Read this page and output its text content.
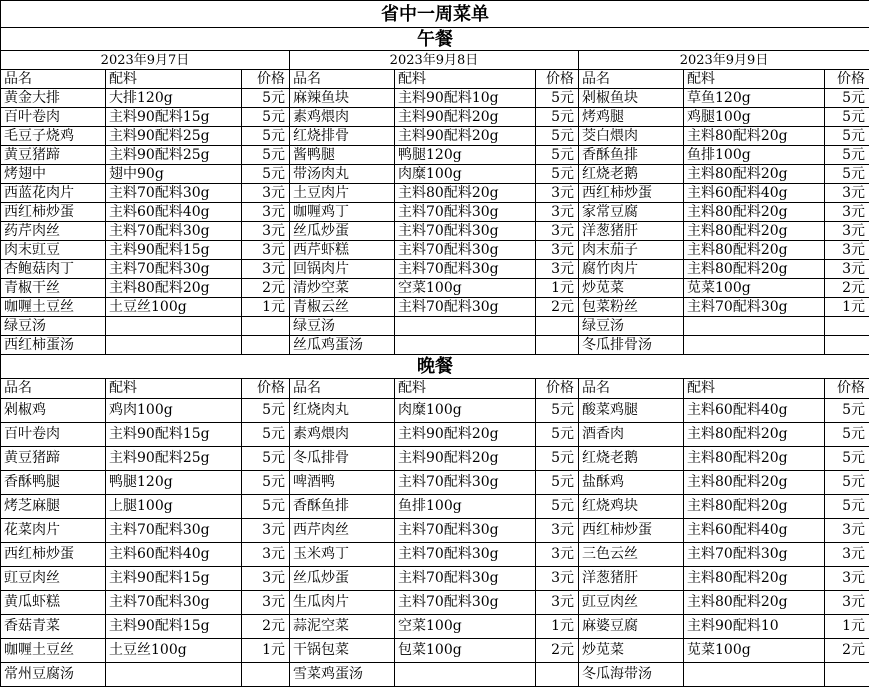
省中一周菜单								
午餐								
2023年9月7日			2023年9月8日			2023年9月9日		
品名	配料	价格	品名	配料	价格	品名	配料	价格
黄金大排	大排120g	5元	麻辣鱼块	主料90配料10g	5元	剁椒鱼块	草鱼120g	5元
百叶卷肉	主料90配料15g	5元	素鸡煨肉	主料90配料20g	5元	烤鸡腿	鸡腿100g	5元
毛豆子烧鸡	主料90配料25g	5元	红烧排骨	主料90配料20g	5元	茭白煨肉	主料80配料20g	5元
黄豆猪蹄	主料90配料25g	5元	酱鸭腿	鸭腿120g	5元	香酥鱼排	鱼排100g	5元
烤翅中	翅中90g	5元	带汤肉丸	肉糜100g	5元	红烧老鹅	主料80配料20g	5元
西蓝花肉片	主料70配料30g	3元	土豆肉片	主料80配料20g	3元	西红柿炒蛋	主料60配料40g	3元
西红柿炒蛋	主料60配料40g	3元	咖喱鸡丁	主料70配料30g	3元	家常豆腐	主料80配料20g	3元
药芹肉丝	主料70配料30g	3元	丝瓜炒蛋	主料70配料30g	3元	洋葱猪肝	主料80配料20g	3元
肉末豇豆	主料90配料15g	3元	西芹虾糕	主料70配料30g	3元	肉末茄子	主料80配料20g	3元
杏鲍菇肉丁	主料70配料30g	3元	回锅肉片	主料70配料30g	3元	腐竹肉片	主料80配料20g	3元
青椒干丝	主料80配料20g	2元	清炒空菜	空菜100g	1元	炒苋菜	苋菜100g	2元
咖喱土豆丝	土豆丝100g	1元	青椒云丝	主料70配料30g	2元	包菜粉丝	主料70配料30g	1元
绿豆汤			绿豆汤			绿豆汤		
西红柿蛋汤			丝瓜鸡蛋汤			冬瓜排骨汤		
晚餐								
品名	配料	价格	品名	配料	价格	品名	配料	价格
剁椒鸡	鸡肉100g	5元	红烧肉丸	肉糜100g	5元	酸菜鸡腿	主料60配料40g	5元
百叶卷肉	主料90配料15g	5元	素鸡煨肉	主料90配料20g	5元	酒香肉	主料80配料20g	5元
黄豆猪蹄	主料90配料25g	5元	冬瓜排骨	主料90配料20g	5元	红烧老鹅	主料80配料20g	5元
香酥鸭腿	鸭腿120g	5元	啤酒鸭	主料70配料30g	5元	盐酥鸡	主料80配料20g	5元
烤芝麻腿	上腿100g	5元	香酥鱼排	鱼排100g	5元	红烧鸡块	主料80配料20g	5元
花菜肉片	主料70配料30g	3元	西芹肉丝	主料70配料30g	3元	西红柿炒蛋	主料60配料40g	3元
西红柿炒蛋	主料60配料40g	3元	玉米鸡丁	主料70配料30g	3元	三色云丝	主料70配料30g	3元
豇豆肉丝	主料90配料15g	3元	丝瓜炒蛋	主料70配料30g	3元	洋葱猪肝	主料80配料20g	3元
黄瓜虾糕	主料70配料30g	3元	生瓜肉片	主料70配料30g	3元	豇豆肉丝	主料80配料20g	3元
香菇青菜	主料90配料15g	2元	蒜泥空菜	空菜100g	1元	麻婆豆腐	主料90配料10	1元
咖喱土豆丝	土豆丝100g	1元	干锅包菜	包菜100g	2元	炒苋菜	苋菜100g	2元
常州豆腐汤			雪菜鸡蛋汤			冬瓜海带汤		
